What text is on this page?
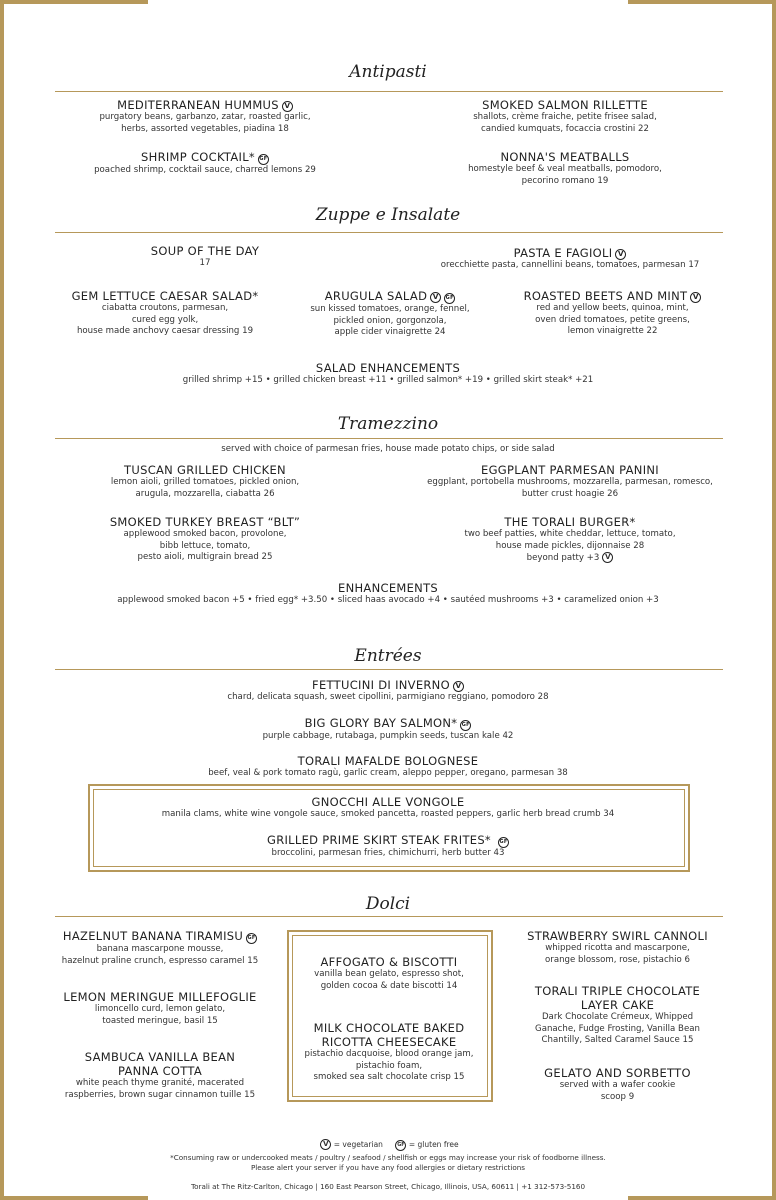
Antipasti
MEDITERRANEAN HUMMUS V
purgatory beans, garbanzo, zatar, roasted garlic,
herbs, assorted vegetables, piadina 18
SMOKED SALMON RILLETTE
shallots, crème fraiche, petite frisee salad,
candied kumquats, focaccia crostini 22
SHRIMP COCKTAIL* GF
poached shrimp, cocktail sauce, charred lemons 29
NONNA'S MEATBALLS
homestyle beef & veal meatballs, pomodoro,
pecorino romano 19
Zuppe e Insalate
SOUP OF THE DAY
17
PASTA E FAGIOLI V
orecchiette pasta, cannellini beans, tomatoes, parmesan 17
GEM LETTUCE CAESAR SALAD*
ciabatta croutons, parmesan,
cured egg yolk,
house made anchovy caesar dressing 19
ARUGULA SALAD V GF
sun kissed tomatoes, orange, fennel,
pickled onion, gorgonzola,
apple cider vinaigrette 24
ROASTED BEETS AND MINT V
red and yellow beets, quinoa, mint,
oven dried tomatoes, petite greens,
lemon vinaigrette 22
SALAD ENHANCEMENTS
grilled shrimp +15 • grilled chicken breast +11 • grilled salmon* +19 • grilled skirt steak* +21
Tramezzino
served with choice of parmesan fries, house made potato chips, or side salad
TUSCAN GRILLED CHICKEN
lemon aioli, grilled tomatoes, pickled onion,
arugula, mozzarella, ciabatta 26
EGGPLANT PARMESAN PANINI
eggplant, portobella mushrooms, mozzarella, parmesan, romesco,
butter crust hoagie 26
SMOKED TURKEY BREAST “BLT”
applewood smoked bacon, provolone,
bibb lettuce, tomato,
pesto aioli, multigrain bread 25
THE TORALI BURGER*
two beef patties, white cheddar, lettuce, tomato,
house made pickles, dijonnaise 28
beyond patty +3 V
ENHANCEMENTS
applewood smoked bacon +5 • fried egg* +3.50 • sliced haas avocado +4 • sautéed mushrooms +3 • caramelized onion +3
Entrées
FETTUCINI DI INVERNO V
chard, delicata squash, sweet cipollini, parmigiano reggiano, pomodoro 28
BIG GLORY BAY SALMON* GF
purple cabbage, rutabaga, pumpkin seeds, tuscan kale 42
TORALI MAFALDE BOLOGNESE
beef, veal & pork tomato ragù, garlic cream, aleppo pepper, oregano, parmesan 38
GNOCCHI ALLE VONGOLE
manila clams, white wine vongole sauce, smoked pancetta, roasted peppers, garlic herb bread crumb 34
GRILLED PRIME SKIRT STEAK FRITES* GF
broccolini, parmesan fries, chimichurri, herb butter 43
Dolci
HAZELNUT BANANA TIRAMISU GF
banana mascarpone mousse,
hazelnut praline crunch, espresso caramel 15
LEMON MERINGUE MILLEFOGLIE
limoncello curd, lemon gelato,
toasted meringue, basil 15
SAMBUCA VANILLA BEAN
PANNA COTTA
white peach thyme granité, macerated
raspberries, brown sugar cinnamon tuille 15
AFFOGATO & BISCOTTI
vanilla bean gelato, espresso shot,
golden cocoa & date biscotti 14
MILK CHOCOLATE BAKED
RICOTTA CHEESECAKE
pistachio dacquoise, blood orange jam,
pistachio foam,
smoked sea salt chocolate crisp 15
STRAWBERRY SWIRL CANNOLI
whipped ricotta and mascarpone,
orange blossom, rose, pistachio 6
TORALI TRIPLE CHOCOLATE
LAYER CAKE
Dark Chocolate Crémeux, Whipped
Ganache, Fudge Frosting, Vanilla Bean
Chantilly, Salted Caramel Sauce 15
GELATO AND SORBETTO
served with a wafer cookie
scoop 9
V = vegetarian	GF = gluten free
*Consuming raw or undercooked meats / poultry / seafood / shellfish or eggs may increase your risk of foodborne illness.
Please alert your server if you have any food allergies or dietary restrictions
Torali at The Ritz-Carlton, Chicago | 160 East Pearson Street, Chicago, Illinois, USA, 60611 | +1 312-573-5160
